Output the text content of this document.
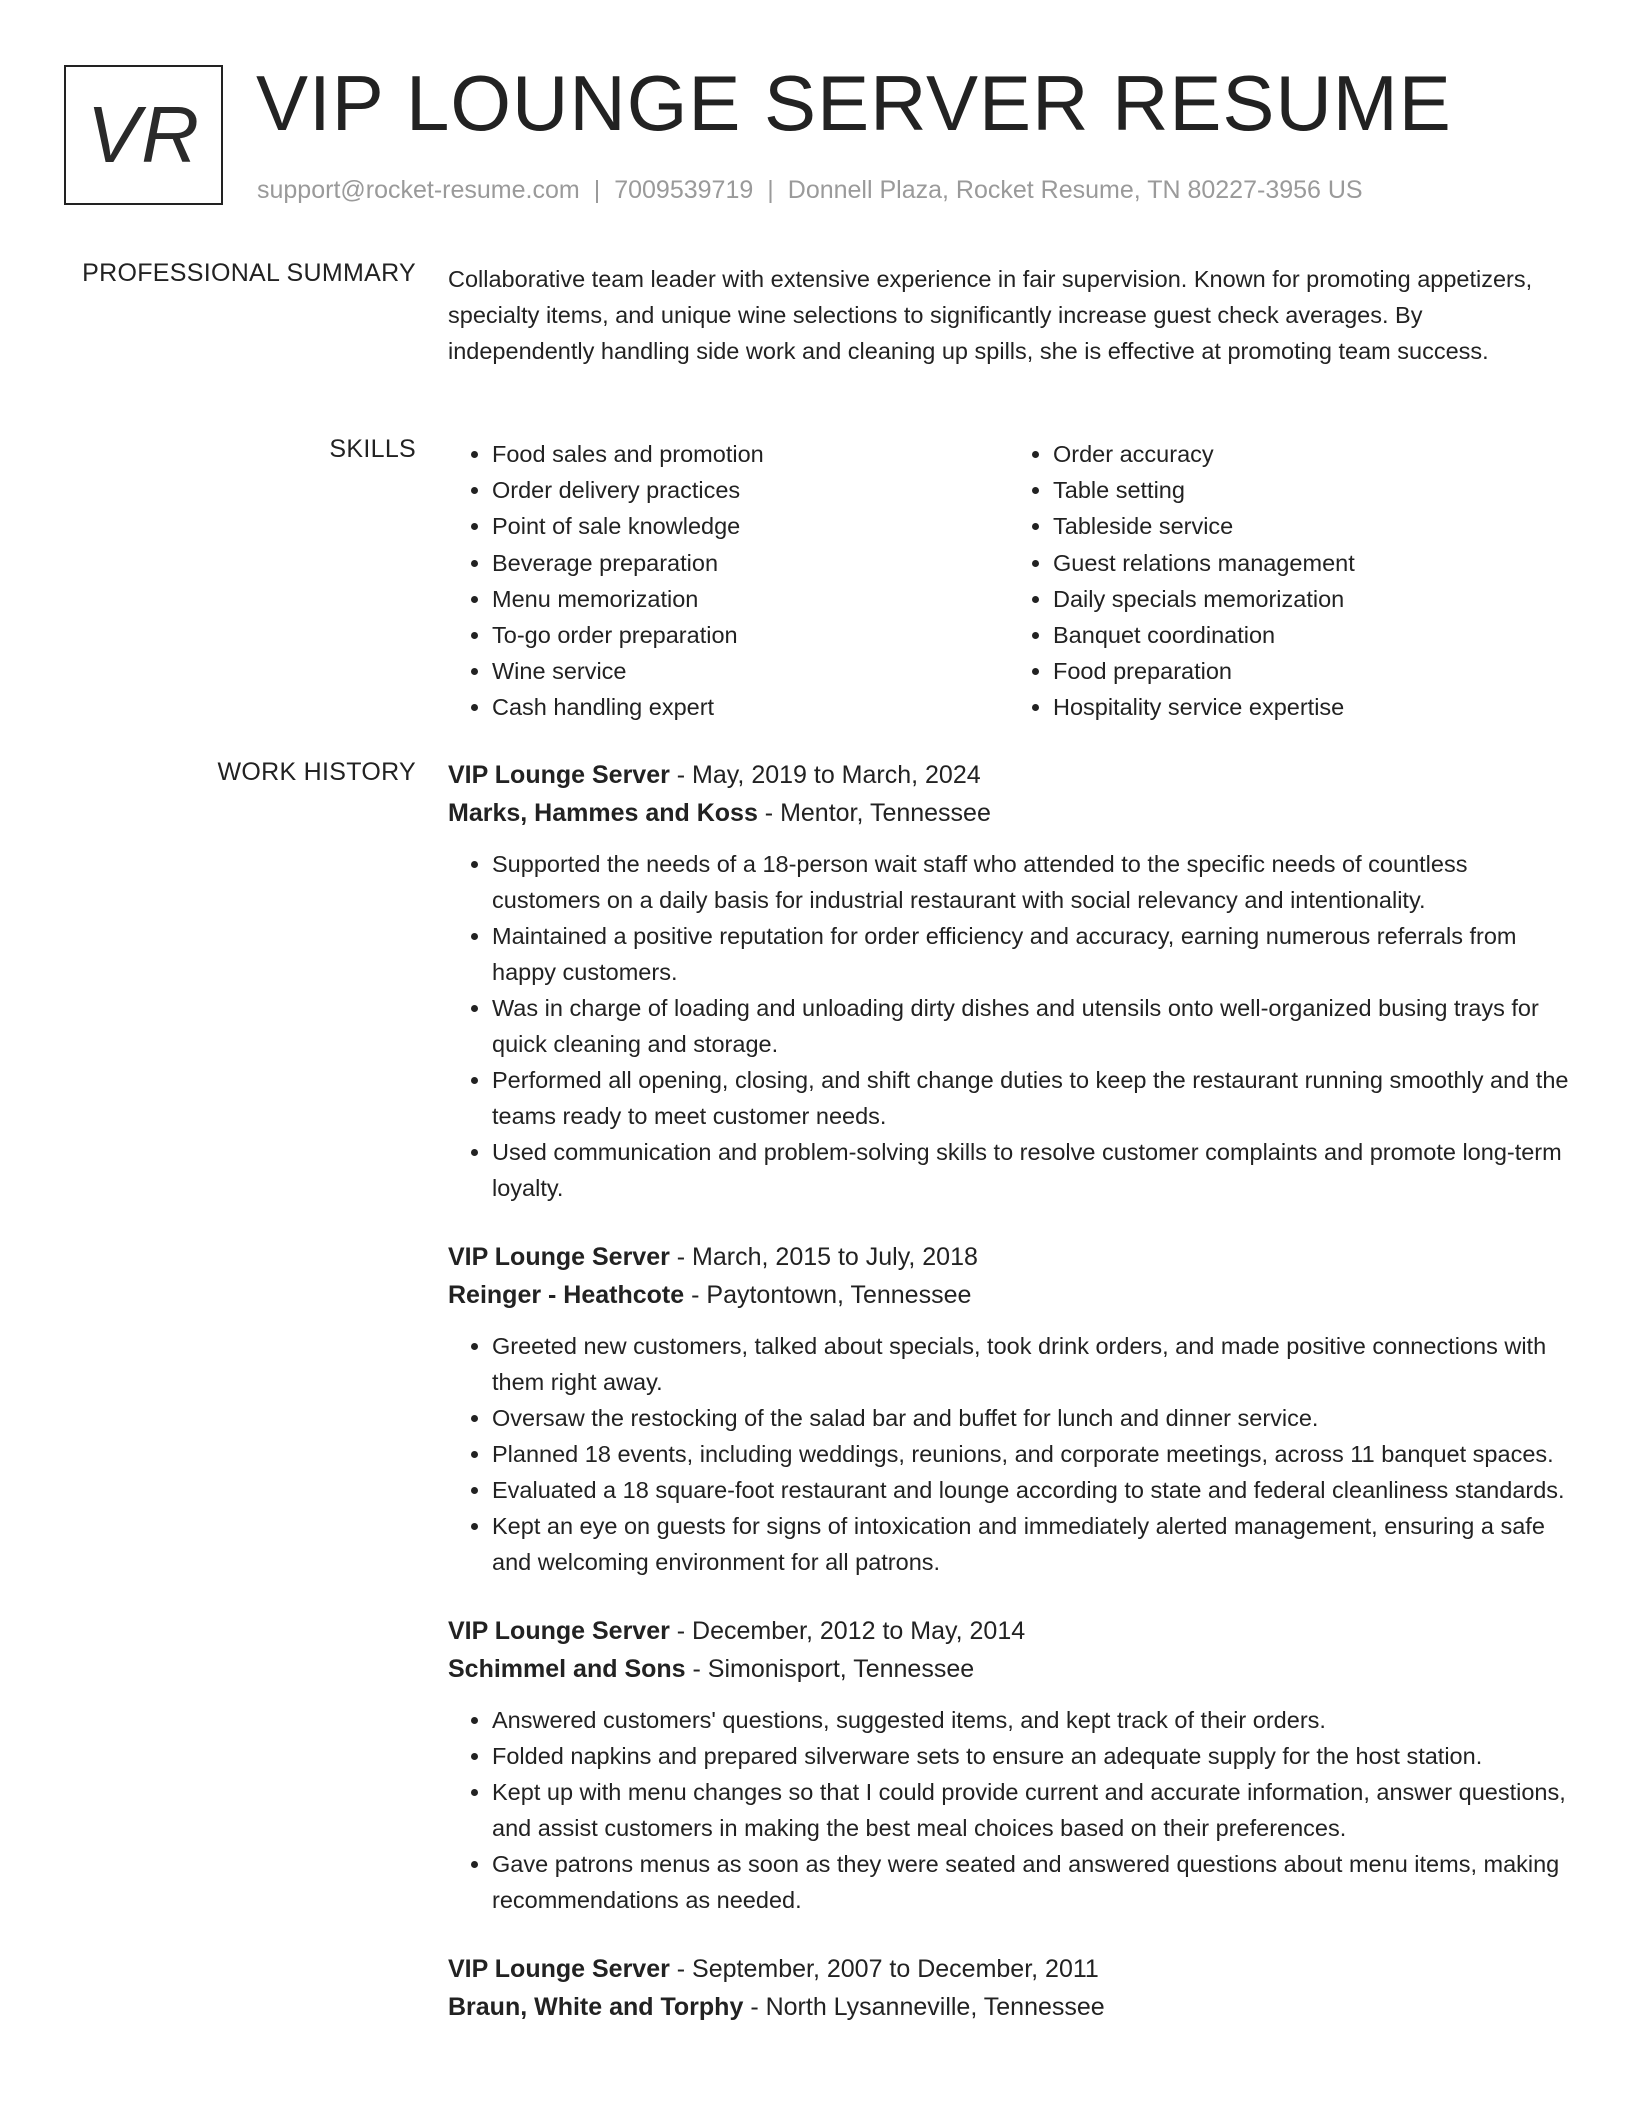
VR VIP LOUNGE SERVER RESUME
support@rocket-resume.com | 7009539719 | Donnell Plaza, Rocket Resume, TN 80227-3956 US
PROFESSIONAL SUMMARY Collaborative team leader with extensive experience in fair supervision. Known for promoting appetizers, specialty items, and unique wine selections to significantly increase guest check averages. By independently handling side work and cleaning up spills, she is effective at promoting team success.

SKILLS
•	Food sales and promotion
• Order delivery practices
• Point of sale knowledge
• Beverage preparation
• Menu memorization
• To-go order preparation
• Wine service
• Cash handling expert
• Order accuracy
• Table setting
• Tableside service
• Guest relations management
• Daily specials memorization
• Banquet coordination
• Food preparation
• Hospitality service expertise
WORK HISTORY VIP Lounge Server - May, 2019 to March, 2024
Marks, Hammes and Koss - Mentor, Tennessee
• Supported the needs of a 18-person wait staff who attended to the specific needs of countless customers on a daily basis for industrial restaurant with social relevancy and intentionality.
• Maintained a positive reputation for order efficiency and accuracy, earning numerous referrals from happy customers.
• Was in charge of loading and unloading dirty dishes and utensils onto well-organized busing trays for quick cleaning and storage.
• Performed all opening, closing, and shift change duties to keep the restaurant running smoothly and the teams ready to meet customer needs.
• Used communication and problem-solving skills to resolve customer complaints and promote long-term loyalty.
VIP Lounge Server - March, 2015 to July, 2018
Reinger - Heathcote - Paytontown, Tennessee
• Greeted new customers, talked about specials, took drink orders, and made positive connections with them right away.
• Oversaw the restocking of the salad bar and buffet for lunch and dinner service.
• Planned 18 events, including weddings, reunions, and corporate meetings, across 11 banquet spaces.
• Evaluated a 18 square-foot restaurant and lounge according to state and federal cleanliness standards.
• Kept an eye on guests for signs of intoxication and immediately alerted management, ensuring a safe and welcoming environment for all patrons.
VIP Lounge Server - December, 2012 to May, 2014
Schimmel and Sons - Simonisport, Tennessee
• Answered customers' questions, suggested items, and kept track of their orders.
• Folded napkins and prepared silverware sets to ensure an adequate supply for the host station.
• Kept up with menu changes so that I could provide current and accurate information, answer questions, and assist customers in making the best meal choices based on their preferences.
• Gave patrons menus as soon as they were seated and answered questions about menu items, making recommendations as needed.
VIP Lounge Server - September, 2007 to December, 2011
Braun, White and Torphy - North Lysanneville, Tennessee
